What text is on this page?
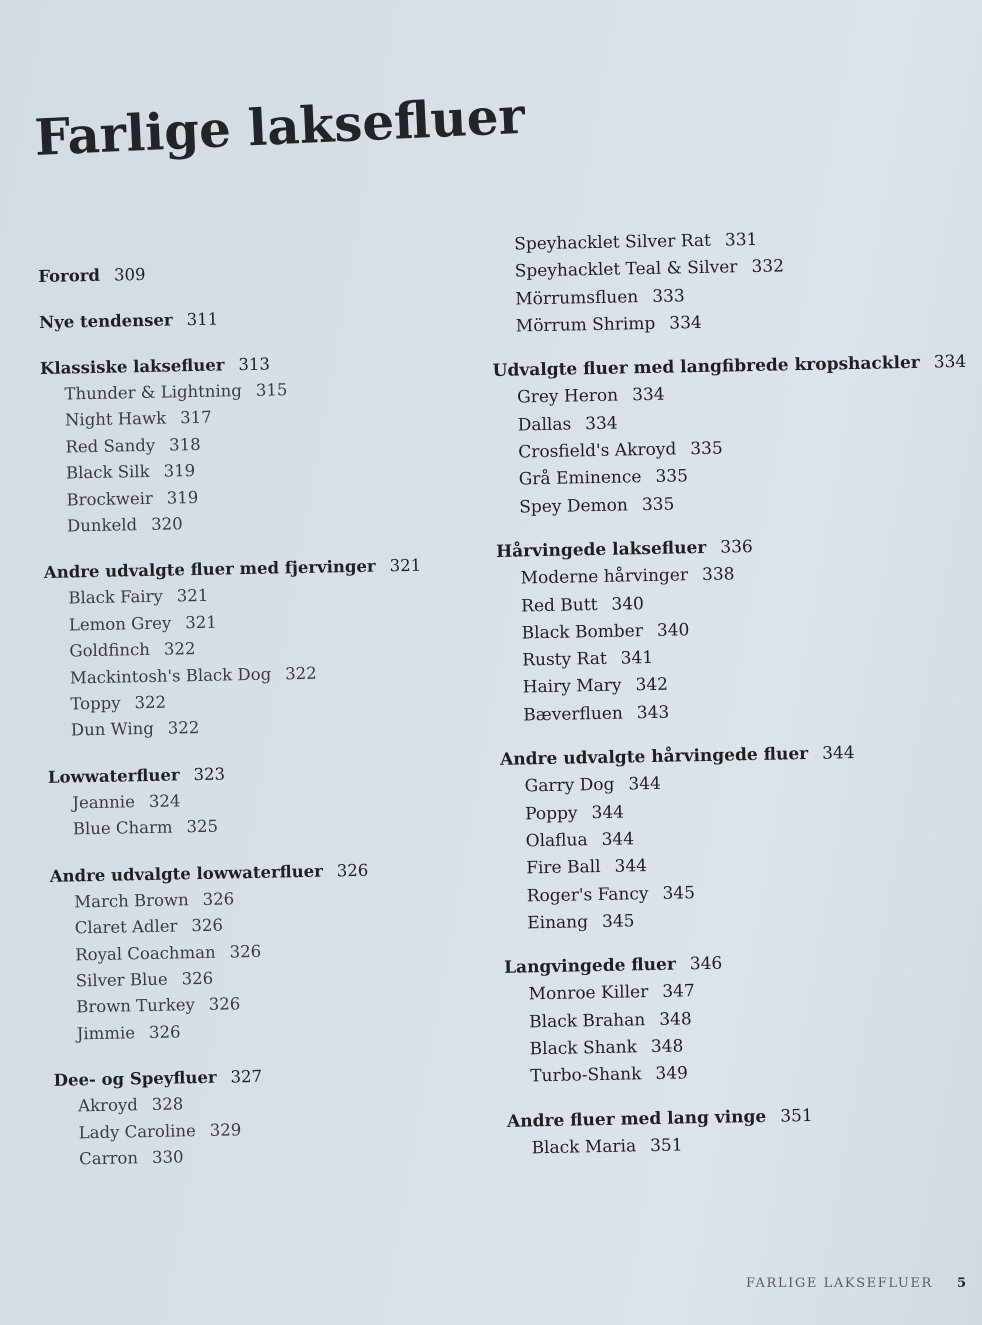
Farlige laksefluer
Forord 309
Nye tendenser 311
Klassiske laksefluer 313
Thunder & Lightning 315
Night Hawk 317
Red Sandy 318
Black Silk 319
Brockweir 319
Dunkeld 320
Andre udvalgte fluer med fjervinger 321
Black Fairy 321
Lemon Grey 321
Goldfinch 322
Mackintosh's Black Dog 322
Toppy 322
Dun Wing 322
Lowwaterfluer 323
Jeannie 324
Blue Charm 325
Andre udvalgte lowwaterfluer 326
March Brown 326
Claret Adler 326
Royal Coachman 326
Silver Blue 326
Brown Turkey 326
Jimmie 326
Dee- og Speyfluer 327
Akroyd 328
Lady Caroline 329
Carron 330
Speyhacklet Silver Rat 331
Speyhacklet Teal & Silver 332
Mörrumsfluen 333
Mörrum Shrimp 334
Udvalgte fluer med langfibrede kropshackler 334
Grey Heron 334
Dallas 334
Crosfield's Akroyd 335
Grå Eminence 335
Spey Demon 335
Hårvingede laksefluer 336
Moderne hårvinger 338
Red Butt 340
Black Bomber 340
Rusty Rat 341
Hairy Mary 342
Bæverfluen 343
Andre udvalgte hårvingede fluer 344
Garry Dog 344
Poppy 344
Olaflua 344
Fire Ball 344
Roger's Fancy 345
Einang 345
Langvingede fluer 346
Monroe Killer 347
Black Brahan 348
Black Shank 348
Turbo-Shank 349
Andre fluer med lang vinge 351
Black Maria 351
FARLIGE LAKSEFLUER 5
